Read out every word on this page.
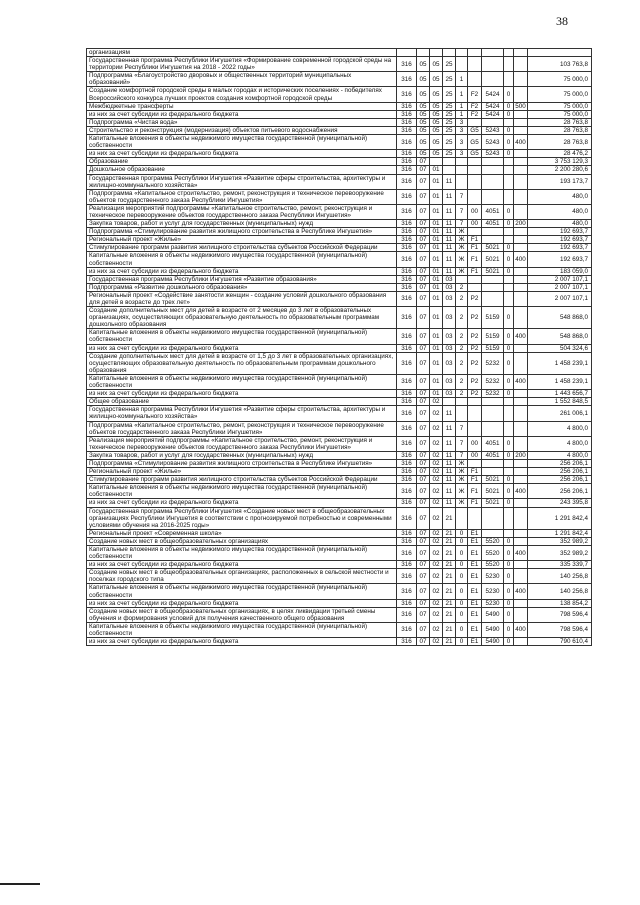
38
организациям										
Государственная программа Республики Ингушетия «Формирование современной городской среды на территории Республики Ингушетия на 2018 - 2022 годы»	316	05	05	25						103 763,8
Подпрограмма «Благоустройство дворовых и общественных территорий муниципальных образований»	316	05	05	25	1					75 000,0
Создание комфортной городской среды в малых городах и исторических поселениях - победителях Всероссийского конкурса лучших проектов создания комфортной городской среды	316	05	05	25	1	F2	5424	0		75 000,0
Межбюджетные трансферты	316	05	05	25	1	F2	5424	0	500	75 000,0
из них за счет субсидии из федерального бюджета	316	05	05	25	1	F2	5424	0		75 000,0
Подпрограмма «Чистая вода»	316	05	05	25	3					28 763,8
Строительство и реконструкция (модернизация) объектов питьевого водоснабжения	316	05	05	25	3	G5	5243	0		28 763,8
Капитальные вложения в объекты недвижимого имущества государственной (муниципальной) собственности	316	05	05	25	3	G5	5243	0	400	28 763,8
из них за счет субсидии из федерального бюджета	316	05	05	25	3	G5	5243	0		28 476,2
Образование	316	07								3 753 129,3
Дошкольное образование	316	07	01							2 200 280,6
Государственная программа Республики Ингушетия «Развитие сферы строительства, архитектуры и жилищно-коммунального хозяйства»	316	07	01	11						193 173,7
Подпрограмма «Капитальное строительство, ремонт, реконструкция и техническое перевооружение объектов государственного заказа Республики Ингушетия»	316	07	01	11	7					480,0
Реализация мероприятий подпрограммы «Капитальное строительство, ремонт, реконструкция и техническое перевооружение объектов государственного заказа Республики Ингушетия»	316	07	01	11	7	00	4051	0		480,0
Закупка товаров, работ и услуг для государственных (муниципальных) нужд	316	07	01	11	7	00	4051	0	200	480,0
Подпрограмма «Стимулирование развития жилищного строительства в Республике Ингушетия»	316	07	01	11	Ж					192 693,7
Региональный проект «Жилье»	316	07	01	11	Ж	F1				192 693,7
Стимулирование программ развития жилищного строительства субъектов Российской Федерации	316	07	01	11	Ж	F1	5021	0		192 693,7
Капитальные вложения в объекты недвижимого имущества государственной (муниципальной) собственности	316	07	01	11	Ж	F1	5021	0	400	192 693,7
из них за счет субсидии из федерального бюджета	316	07	01	11	Ж	F1	5021	0		183 059,0
Государственная программа Республики Ингушетия «Развитие образования»	316	07	01	03						2 007 107,1
Подпрограмма «Развитие дошкольного образования»	316	07	01	03	2					2 007 107,1
Региональный проект «Содействие занятости женщин - создание условий дошкольного образования для детей в возрасте до трех лет»	316	07	01	03	2	P2				2 007 107,1
Создание дополнительных мест для детей в возрасте от 2 месяцев до 3 лет в образовательных организациях, осуществляющих образовательную деятельность по образовательным программам дошкольного образования	316	07	01	03	2	P2	5159	0		548 868,0
Капитальные вложения в объекты недвижимого имущества государственной (муниципальной) собственности	316	07	01	03	2	P2	5159	0	400	548 868,0
из них за счет субсидии из федерального бюджета	316	07	01	03	2	P2	5159	0		504 324,6
Создание дополнительных мест для детей в возрасте от 1,5 до 3 лет в образовательных организациях, осуществляющих образовательную деятельность по образовательным программам дошкольного образования	316	07	01	03	2	P2	5232	0		1 458 239,1
Капитальные вложения в объекты недвижимого имущества государственной (муниципальной) собственности	316	07	01	03	2	P2	5232	0	400	1 458 239,1
из них за счет субсидии из федерального бюджета	316	07	01	03	2	P2	5232	0		1 443 656,7
Общее образование	316	07	02							1 552 848,5
Государственная программа Республики Ингушетия «Развитие сферы строительства, архитектуры и жилищно-коммунального хозяйства»	316	07	02	11						261 006,1
Подпрограмма «Капитальное строительство, ремонт, реконструкция и техническое перевооружение объектов государственного заказа Республики Ингушетия»	316	07	02	11	7					4 800,0
Реализация мероприятий подпрограммы «Капитальное строительство, ремонт, реконструкция и техническое перевооружение объектов государственного заказа Республики Ингушетия»	316	07	02	11	7	00	4051	0		4 800,0
Закупка товаров, работ и услуг для государственных (муниципальных) нужд	316	07	02	11	7	00	4051	0	200	4 800,0
Подпрограмма «Стимулирование развития жилищного строительства в Республике Ингушетия»	316	07	02	11	Ж					256 206,1
Региональный проект «Жилье»	316	07	02	11	Ж	F1				256 206,1
Стимулирование программ развития жилищного строительства субъектов Российской Федерации	316	07	02	11	Ж	F1	5021	0		256 206,1
Капитальные вложения в объекты недвижимого имущества государственной (муниципальной) собственности	316	07	02	11	Ж	F1	5021	0	400	256 206,1
из них за счет субсидии из федерального бюджета	316	07	02	11	Ж	F1	5021	0		243 395,8
Государственная программа Республики Ингушетия «Создание новых мест в общеобразовательных организациях Республики Ингушетия в соответствии с прогнозируемой потребностью и современными условиями обучения на 2016-2025 годы»	316	07	02	21						1 291 842,4
Региональный проект «Современная школа»	316	07	02	21	0	E1				1 291 842,4
Создание новых мест в общеобразовательных организациях	316	07	02	21	0	E1	5520	0		352 989,2
Капитальные вложения в объекты недвижимого имущества государственной (муниципальной) собственности	316	07	02	21	0	E1	5520	0	400	352 989,2
из них за счет субсидии из федерального бюджета	316	07	02	21	0	E1	5520	0		335 339,7
Создание новых мест в общеобразовательных организациях, расположенных в сельской местности и поселках городского типа	316	07	02	21	0	E1	5230	0		140 256,8
Капитальные вложения в объекты недвижимого имущества государственной (муниципальной) собственности	316	07	02	21	0	E1	5230	0	400	140 256,8
из них за счет субсидии из федерального бюджета	316	07	02	21	0	E1	5230	0		138 854,2
Создание новых мест в общеобразовательных организациях, в целях ликвидации третьей смены обучения и формирования условий для получения качественного общего образования	316	07	02	21	0	E1	5490	0		798 596,4
Капитальные вложения в объекты недвижимого имущества государственной (муниципальной) собственности	316	07	02	21	0	E1	5490	0	400	798 596,4
из них за счет субсидии из федерального бюджета	316	07	02	21	0	E1	5490	0		790 610,4
